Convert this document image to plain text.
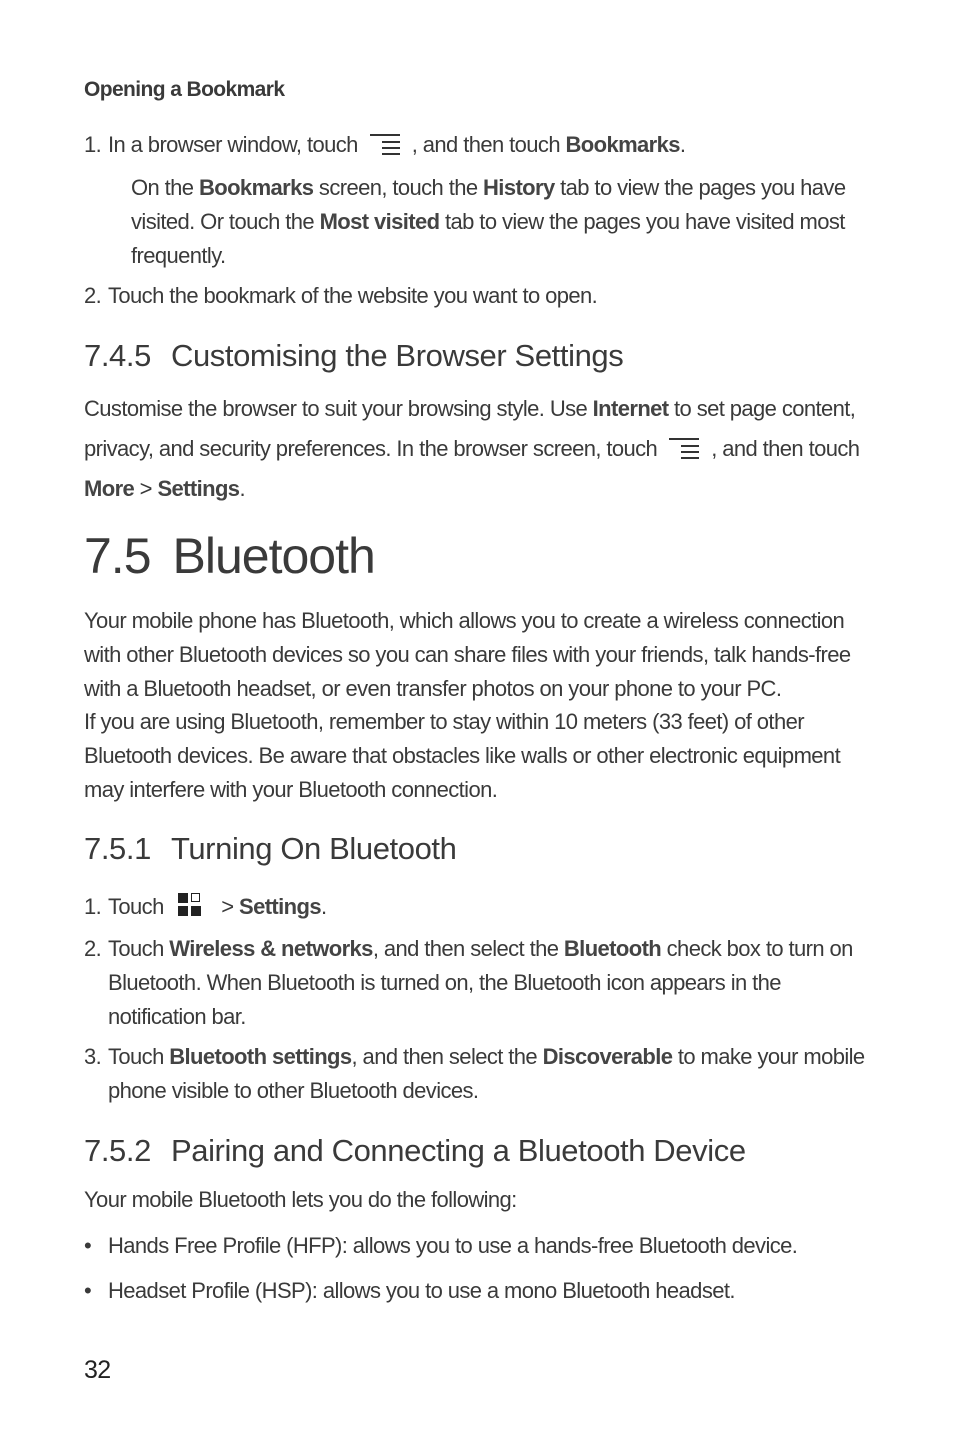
Opening a Bookmark
1. In a browser window, touch , and then touch Bookmarks.
On the Bookmarks screen, touch the History tab to view the pages you have visited. Or touch the Most visited tab to view the pages you have visited most frequently.
2. Touch the bookmark of the website you want to open.
7.4.5 Customising the Browser Settings
Customise the browser to suit your browsing style. Use Internet to set page content, privacy, and security preferences. In the browser screen, touch , and then touch More > Settings.
7.5 Bluetooth
Your mobile phone has Bluetooth, which allows you to create a wireless connection with other Bluetooth devices so you can share files with your friends, talk hands-free with a Bluetooth headset, or even transfer photos on your phone to your PC.
If you are using Bluetooth, remember to stay within 10 meters (33 feet) of other Bluetooth devices. Be aware that obstacles like walls or other electronic equipment may interfere with your Bluetooth connection.
7.5.1 Turning On Bluetooth
1. Touch
> Settings.
2. Touch Wireless & networks, and then select the Bluetooth check box to turn on Bluetooth. When Bluetooth is turned on, the Bluetooth icon appears in the notification bar.
3. Touch Bluetooth settings, and then select the Discoverable to make your mobile phone visible to other Bluetooth devices.
7.5.2 Pairing and Connecting a Bluetooth Device
Your mobile Bluetooth lets you do the following:
• Hands Free Profile (HFP): allows you to use a hands-free Bluetooth device.
• Headset Profile (HSP): allows you to use a mono Bluetooth headset.
32
